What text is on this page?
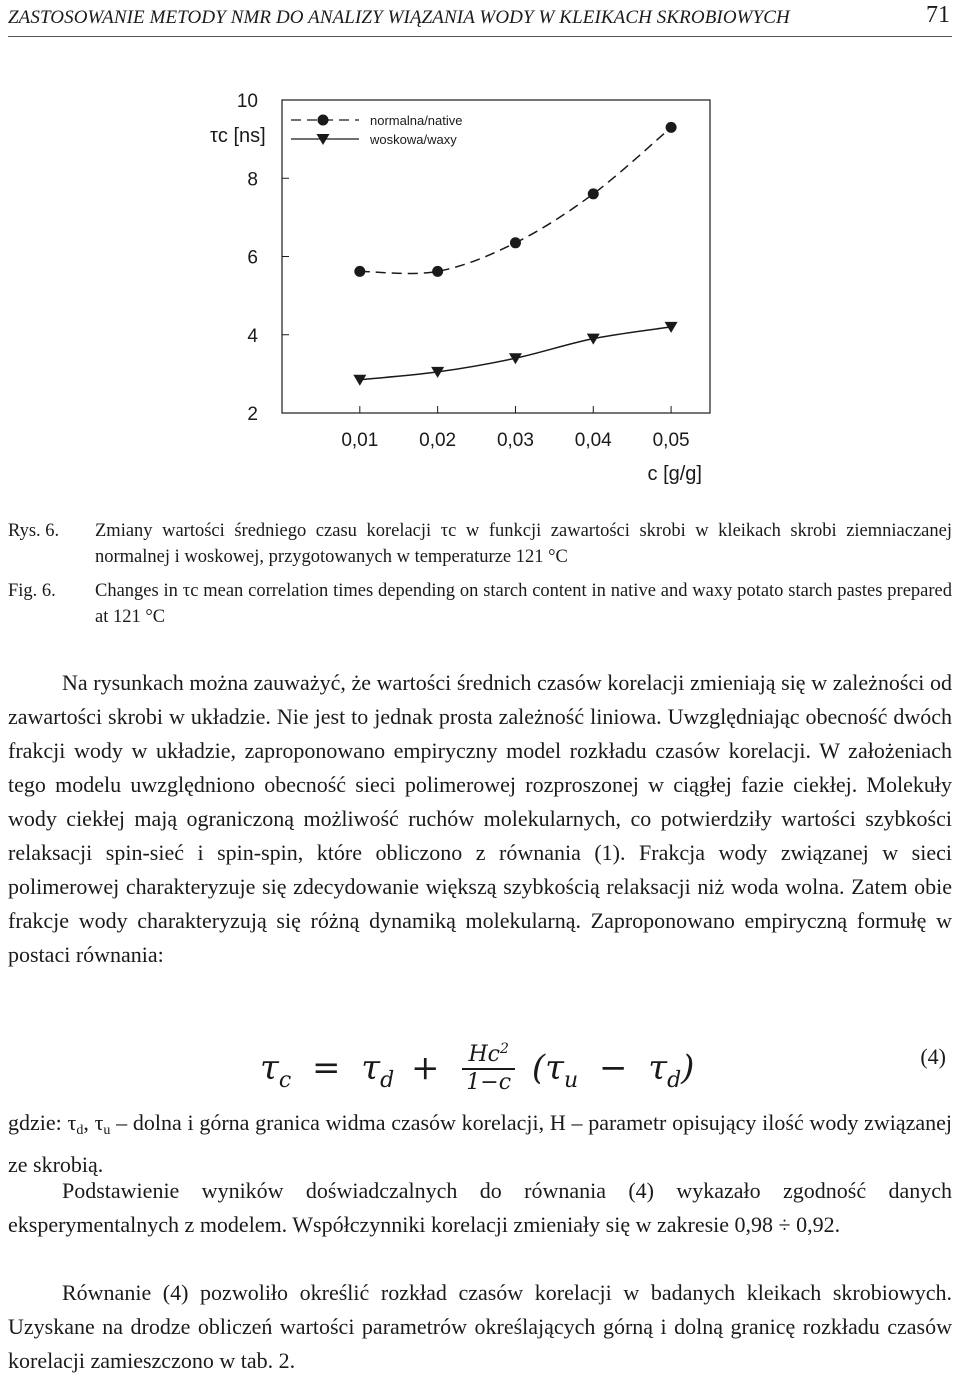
ZASTOSOWANIE METODY NMR DO ANALIZY WIĄZANIA WODY W KLEIKACH SKROBIOWYCH	71
2
4
6
8
10
0,01 0,02 0,03 0,04 0,05
c [g/g]
τc [ns]
normalna/native
woskowa/waxy
Rys. 6. Zmiany wartości średniego czasu korelacji τc w funkcji zawartości skrobi w kleikach skrobi ziemniaczanej normalnej i woskowej, przygotowanych w temperaturze 121 °C
Fig. 6. Changes in τc mean correlation times depending on starch content in native and waxy potato starch pastes prepared at 121 °C
Na rysunkach można zauważyć, że wartości średnich czasów korelacji zmieniają się w zależności od zawartości skrobi w układzie. Nie jest to jednak prosta zależność liniowa. Uwzględniając obecność dwóch frakcji wody w układzie, zaproponowano empiryczny model rozkładu czasów korelacji. W założeniach tego modelu uwzględniono obecność sieci polimerowej rozproszonej w ciągłej fazie ciekłej. Molekuły wody ciekłej mają ograniczoną możliwość ruchów molekularnych, co potwierdziły wartości szybkości relaksacji spin-sieć i spin-spin, które obliczono z równania (1). Frakcja wody związanej w sieci polimerowej charakteryzuje się zdecydowanie większą szybkością relaksacji niż woda wolna. Zatem obie frakcje wody charakteryzują się różną dynamiką molekularną. Zaproponowano empiryczną formułę w postaci równania:
$\tau_c = \tau_d + \frac{Hc^2}{1-c} (\tau_u - \tau_d)$	(4)
gdzie: $\tau_d$, $\tau_u$ – dolna i górna granica widma czasów korelacji, H – parametr opisujący ilość wody związanej ze skrobią.
Podstawienie wyników doświadczalnych do równania (4) wykazało zgodność danych eksperymentalnych z modelem. Współczynniki korelacji zmieniały się w zakresie 0,98 ÷ 0,92.
Równanie (4) pozwoliło określić rozkład czasów korelacji w badanych kleikach skrobiowych. Uzyskane na drodze obliczeń wartości parametrów określających górną i dolną granicę rozkładu czasów korelacji zamieszczono w tab. 2.
